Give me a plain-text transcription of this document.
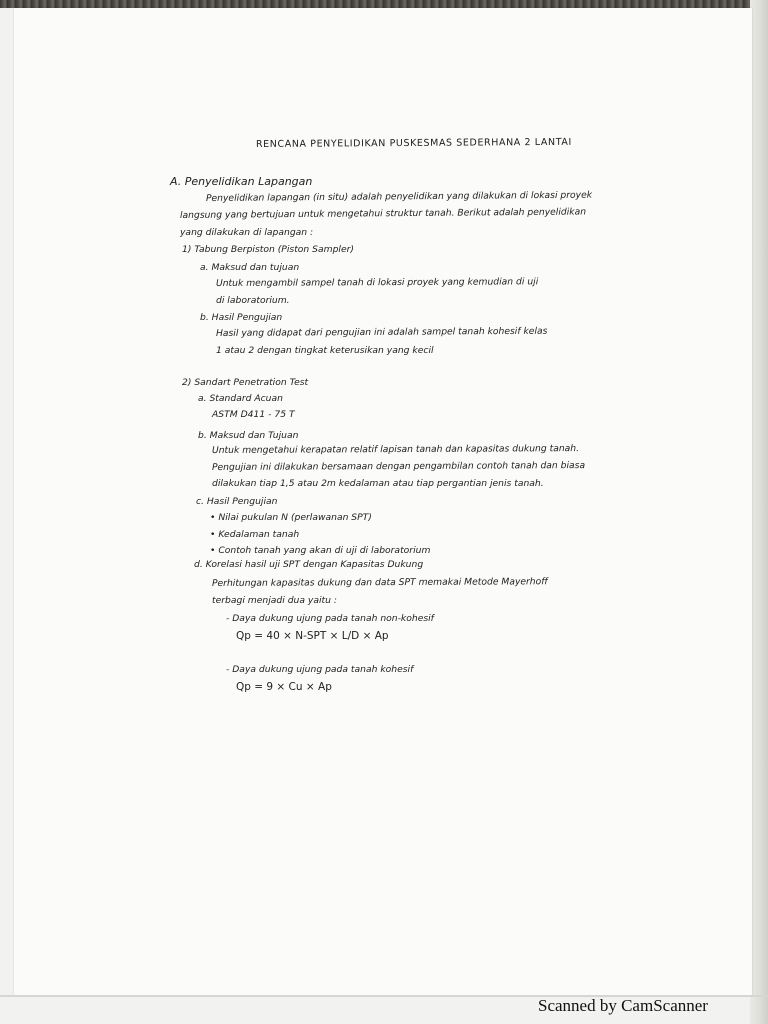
RENCANA PENYELIDIKAN PUSKESMAS SEDERHANA 2 LANTAI
A. Penyelidikan Lapangan
Penyelidikan lapangan (in situ) adalah penyelidikan yang dilakukan di lokasi proyek
langsung yang bertujuan untuk mengetahui struktur tanah. Berikut adalah penyelidikan
yang dilakukan di lapangan :
1) Tabung Berpiston (Piston Sampler)
a. Maksud dan tujuan
Untuk mengambil sampel tanah di lokasi proyek yang kemudian di uji
di laboratorium.
b. Hasil Pengujian
Hasil yang didapat dari pengujian ini adalah sampel tanah kohesif kelas
1 atau 2 dengan tingkat keterusikan yang kecil
2) Sandart Penetration Test
a. Standard Acuan
ASTM D411 - 75 T
b. Maksud dan Tujuan
Untuk mengetahui kerapatan relatif lapisan tanah dan kapasitas dukung tanah.
Pengujian ini dilakukan bersamaan dengan pengambilan contoh tanah dan biasa
dilakukan tiap 1,5 atau 2m kedalaman atau tiap pergantian jenis tanah.
c. Hasil Pengujian
• Nilai pukulan N (perlawanan SPT)
• Kedalaman tanah
• Contoh tanah yang akan di uji di laboratorium
d. Korelasi hasil uji SPT dengan Kapasitas Dukung
Perhitungan kapasitas dukung dan data SPT memakai Metode Mayerhoff
terbagi menjadi dua yaitu :
- Daya dukung ujung pada tanah non-kohesif
Qp = 40 × N-SPT × L/D × Ap
- Daya dukung ujung pada tanah kohesif
Qp = 9 × Cu × Ap
Scanned by CamScanner
